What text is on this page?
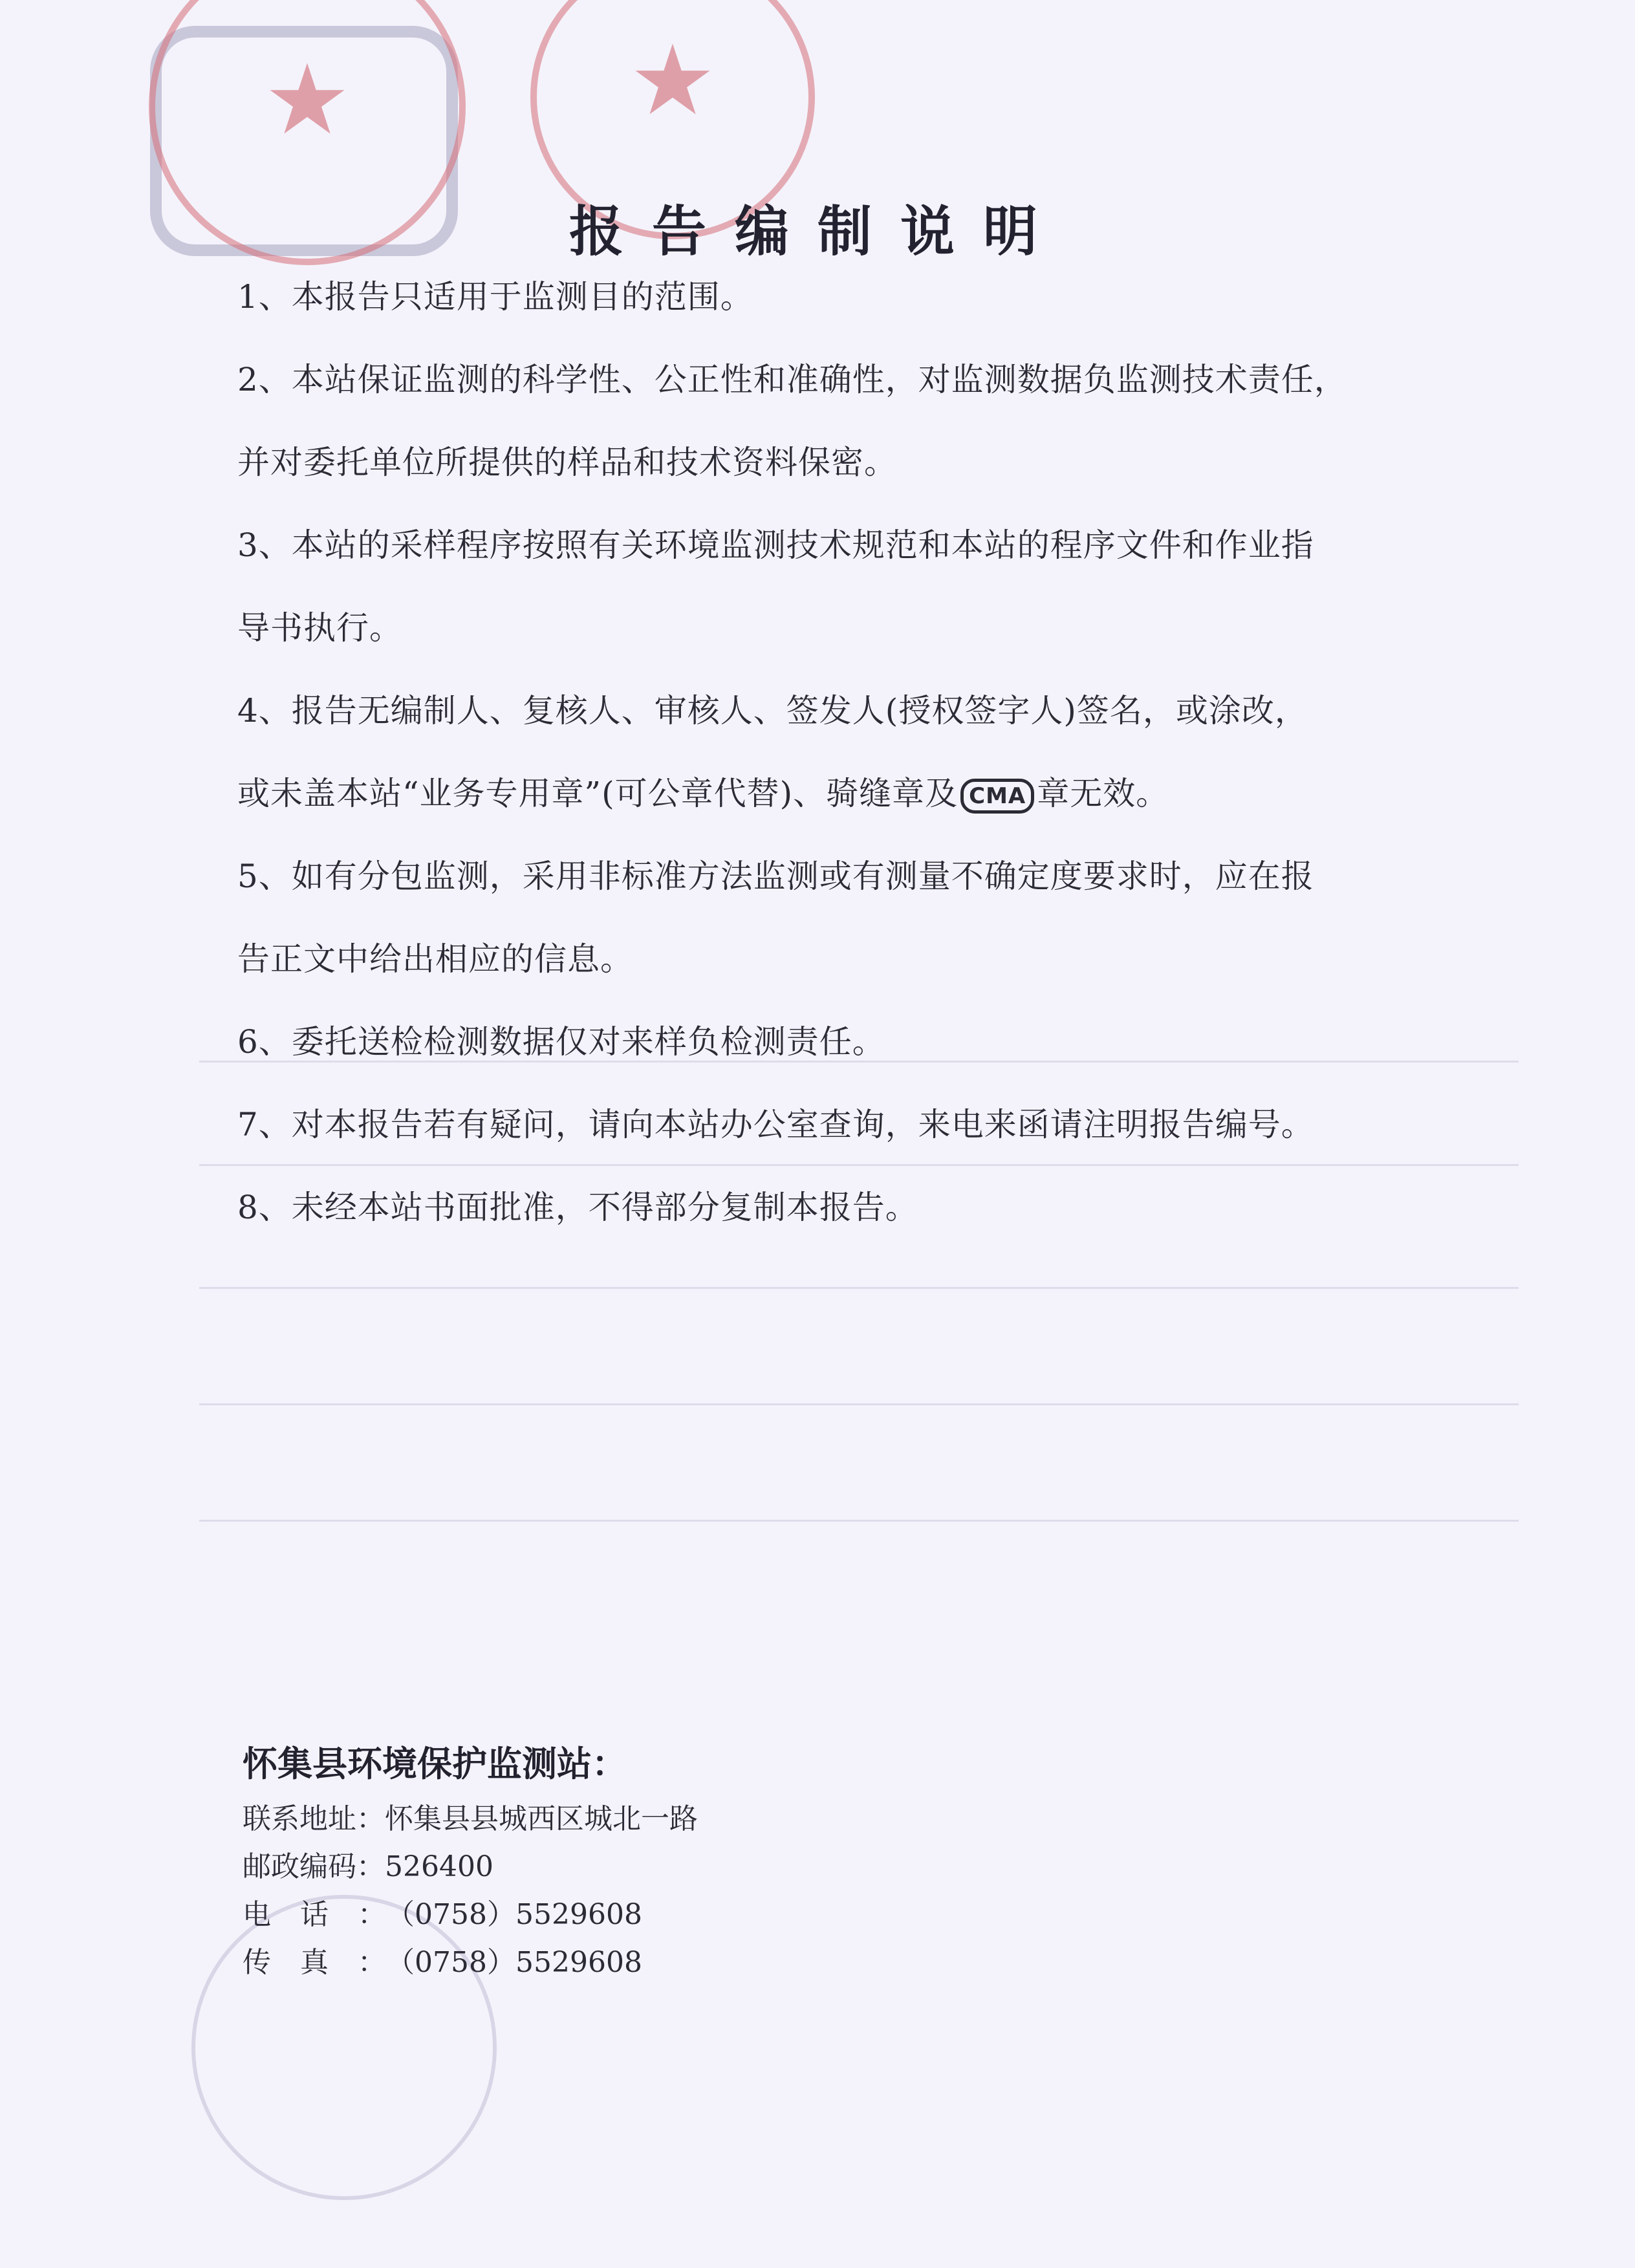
★	★
报告编制说明
1、本报告只适用于监测目的范围。
2、本站保证监测的科学性、公正性和准确性，对监测数据负监测技术责任，
并对委托单位所提供的样品和技术资料保密。
3、本站的采样程序按照有关环境监测技术规范和本站的程序文件和作业指
导书执行。
4、报告无编制人、复核人、审核人、签发人(授权签字人)签名，或涂改，
或未盖本站“业务专用章”(可公章代替)、骑缝章及 CMA 章无效。
5、如有分包监测，采用非标准方法监测或有测量不确定度要求时，应在报
告正文中给出相应的信息。
6、委托送检检测数据仅对来样负检测责任。
7、对本报告若有疑问，请向本站办公室查询，来电来函请注明报告编号。
8、未经本站书面批准，不得部分复制本报告。
怀集县环境保护监测站：
联系地址：怀集县县城西区城北一路
邮政编码：526400
电话：（0758）5529608
传真：（0758）5529608
